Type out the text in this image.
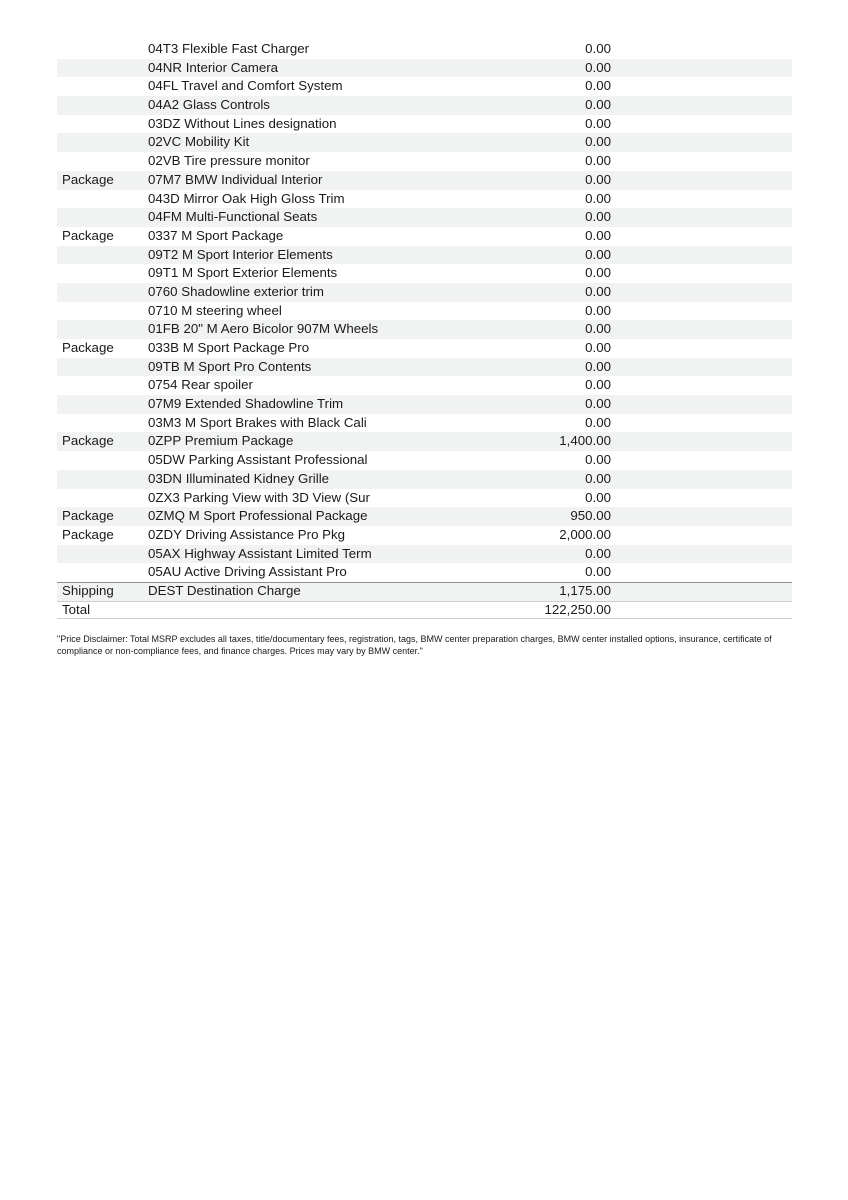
04T3 Flexible Fast Charger	0.00
04NR Interior Camera	0.00
04FL Travel and Comfort System	0.00
04A2 Glass Controls	0.00
03DZ Without Lines designation	0.00
02VC Mobility Kit	0.00
02VB Tire pressure monitor	0.00
Package	07M7 BMW Individual Interior	0.00
043D Mirror Oak High Gloss Trim	0.00
04FM Multi-Functional Seats	0.00
Package	0337 M Sport Package	0.00
09T2 M Sport Interior Elements	0.00
09T1 M Sport Exterior Elements	0.00
0760 Shadowline exterior trim	0.00
0710 M steering wheel	0.00
01FB 20" M Aero Bicolor 907M Wheels	0.00
Package	033B M Sport Package Pro	0.00
09TB M Sport Pro Contents	0.00
0754 Rear spoiler	0.00
07M9 Extended Shadowline Trim	0.00
03M3 M Sport Brakes with Black Cali	0.00
Package	0ZPP Premium Package	1,400.00
05DW Parking Assistant Professional	0.00
03DN Illuminated Kidney Grille	0.00
0ZX3 Parking View with 3D View (Sur	0.00
Package	0ZMQ M Sport Professional Package	950.00
Package	0ZDY Driving Assistance Pro Pkg	2,000.00
05AX Highway Assistant Limited Term	0.00
05AU Active Driving Assistant Pro	0.00
Shipping	DEST Destination Charge	1,175.00
Total	122,250.00
"Price Disclaimer: Total MSRP excludes all taxes, title/documentary fees, registration, tags, BMW center preparation charges, BMW center installed options, insurance, certificate of compliance or non-compliance fees, and finance charges. Prices may vary by BMW center."
